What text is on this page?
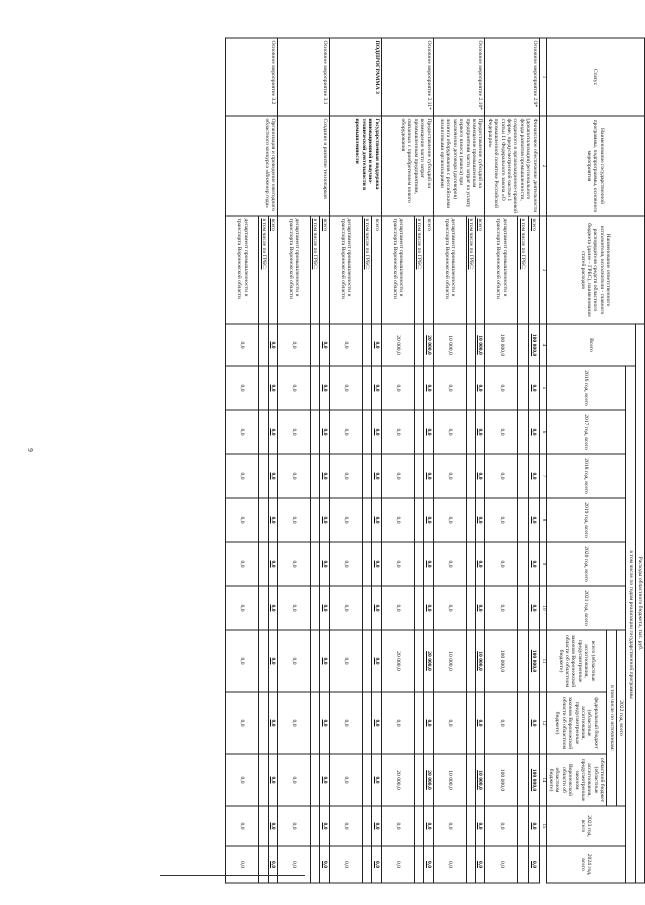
9
Статус	Наименование государственной программы, подпрограммы, основного мероприятия	Наименование ответственного исполнителя, исполнителя - главного распорядителя средств областного бюджета (далее - ГРБС), наименование статей расходов	Расходы областного бюджета, тыс. руб.											
			Всего	в том числе по годам реализации государственной программы										
				2016 год, всего	2017 год, всего	2018 год, всего	2019 год, всего	2020 год, всего	2021 год, всего	2022 год, всего
в том числе по источникам:			2023 год, всего	2024 год, всего
										всего (областные ассигнования, предусмотренные законом Воронежской области об областном бюджете)	федеральный бюджет (областные ассигнования, предусмотренные законом Воронежской области об областном бюджете)	областной бюджет (областные ассигнования, предусмотренные законом Воронежской области об областном бюджете)		
1	2	3	4	5	6	7	8	9	10	11	12	14	15	
Основное мероприятие 2.9*	Финансовое обеспечение деятельности (докапитализация) регионального фонда развития промышленности, созданного в организационно-правовой форме, предусмотренной частью 1 статьи 11 Федерального закона «О промышленной политике Российской Федерации»	всего	100 000,0	0,0	0,0	0,0	0,0	0,0	0,0	100 000,0	0,0	100 000,0	0,0	0,0
		в том числе по ГРБС:												
		департамент промышленности и транспорта Воронежской области	100 000,0	0,0	0,0	0,0	0,0	0,0	0,0	100 000,0	0,0	100 000,0	0,0	0,0
Основное мероприятие 2.10*	Предоставление субсидий на возмещение промышленным предприятиям части затрат на уплату первого взноса (аванса) при заключении договора (договоров) лизинга оборудования с российскими лизинговыми организациями	всего	10 000,0	0,0	0,0	0,0	0,0	0,0	0,0	10 000,0	0,0	10 000,0	0,0	0,0
		в том числе по ГРБС:												
		департамент промышленности и транспорта Воронежской области	10 000,0	0,0	0,0	0,0	0,0	0,0	0,0	10 000,0	0,0	10 000,0	0,0	0,0
Основное мероприятие 2.11*	Предоставление субсидий на возмещение части затрат промышленным предприятиям, связанных с приобретением нового оборудования	всего	20 000,0	0,0	0,0	0,0	0,0	0,0	0,0	20 000,0	0,0	20 000,0	0,0	0,0
		в том числе по ГРБС:												
		департамент промышленности и транспорта Воронежской области	20 000,0	0,0	0,0	0,0	0,0	0,0	0,0	20 000,0	0,0	20 000,0	0,0	0,0
ПОДПРОГРАММА 3	Государственная поддержка инновационной и научно-технической деятельности в промышленности	всего	0,0	0,0	0,0	0,0	0,0	0,0	0,0	0,0	0,0	0,0	0,0	0,0
		в том числе по ГРБС:												
		департамент промышленности и транспорта Воронежской области	0,0	0,0	0,0	0,0	0,0	0,0	0,0	0,0	0,0	0,0	0,0	0,0
Основное мероприятие 3.1	Создание и развитие технопарков	всего	0,0	0,0	0,0	0,0	0,0	0,0	0,0	0,0	0,0	0,0	0,0	0,0
		в том числе по ГРБС:												
		департамент промышленности и транспорта Воронежской области	0,0	0,0	0,0	0,0	0,0	0,0	0,0	0,0	0,0	0,0	0,0	0,0
Основное мероприятие 3.2	Организация и проведение ежегодного областного конкурса «Инженер года»	всего	0,0	0,0	0,0	0,0	0,0	0,0	0,0	0,0	0,0	0,0	0,0	0,0
		в том числе по ГРБС:												
		департамент промышленности и транспорта Воронежской области	0,0	0,0	0,0	0,0	0,0	0,0	0,0	0,0	0,0	0,0	0,0	0,0
